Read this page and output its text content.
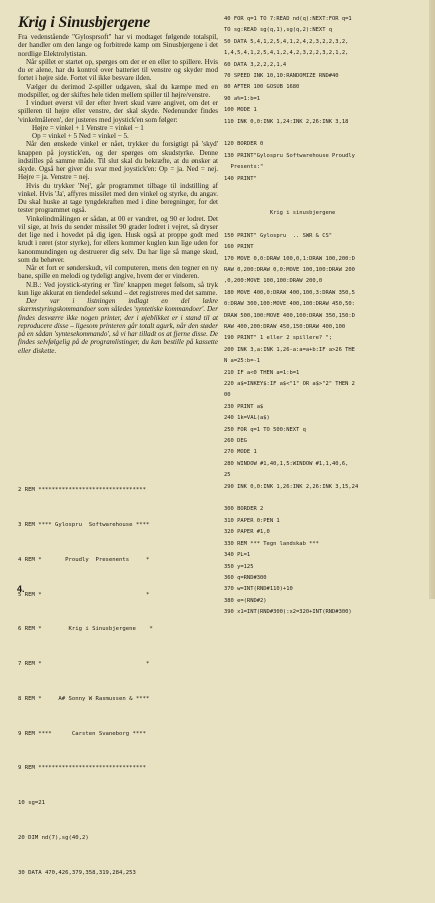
Krig i Sinusbjergene

Fra vedenstående "Gylosprsoft" har vi modtaget følgende totalspil, der handler om den lange og forbitrede kamp om Sinusbjergene i det nordlige Elektrolytistan.

Når spillet er startet op, spørges om der er en eller to spillere. Hvis du er alene, har du kontrol over batteriet til venstre og skyder mod fortet i højre side. Fortet vil ikke besvare ilden.

Vælger du derimod 2-spiller udgaven, skal du kæmpe med en modspiller, og der skiftes hele tiden mellem spiller til højre/venstre.

I vinduet øverst vil der efter hvert skud være angivet, om det er spilleren til højre eller venstre, der skal skyde. Nedenunder findes 'vinkelmåleren', der justeres med joystick'en som følger:

Højre = vinkel + 1 Venstre = vinkel − 1

Op = vinkel + 5 Ned = vinkel − 5.

Når den ønskede vinkel er nået, trykker du forsigtigt på 'skyd' knappen på joystick'en, og der spørges om skudstyrke. Denne indstilles på samme måde. Til slut skal du bekræfte, at du ønsker at skyde. Også her giver du svar med joystick'en: Op = ja. Ned = nej. Højre = ja. Venstre = nej.

Hvis du trykker 'Nej', går programmet tilbage til indstilling af vinkel. Hvis 'Ja', affyres missilet med den vinkel og styrke, du angav. Du skal huske at tage tyngdekraften med i dine beregninger, for det tester programmet også.

Vinkelindmålingen er sådan, at 00 er vandret, og 90 er lodret. Det vil sige, at hvis du sender missilet 90 grader lodret i vejret, så dryser det lige ned i hovedet på dig igen. Husk også at proppe godt med krudt i røret (stor styrke), for ellers kommer kuglen kun lige uden for kanonmundingen og destruerer dig selv. Du har lige så mange skud, som du behøver.

Når et fort er sønderskudt, vil computeren, mens den tegner en ny bane, spille en melodi og tydeligt angive, hvem der er vinderen.

N.B.: Ved joystick-styring er 'fire' knappen meget følsom, så tryk kun lige akkurat en tiendedel sekund – det registreres med det samme.

Der var i listningen indlagt en del lækre skærmstyringskommandoer som således 'syntetiske kommandoer'. Der findes desværre ikke nogen printer, der i øjeblikket er i stand til at reproducere disse – ligesom printeren går totalt agurk, når den støder på en sådan 'syntesekommando', så vi har tilladt os at fjerne disse. De findes selvfølgelig på de programlistinger, du kan bestille på kassette eller diskette.

2 REM ********************************

3 REM **** Gylospru  Softwarehouse ****

4 REM *       Proudly  Presenents     *

5 REM *                               *

6 REM *        Krig i Sinusbjergene    *

7 REM *                               *

8 REM *     A# Sonny W Rasmussen & ****

9 REM ****      Carsten Svaneborg ****

9 REM ********************************

10 sg=21

20 DIM nd(7),sg(40,2)

30 DATA 470,426,379,358,319,284,253

40 FOR q=1 TO 7:READ nd(q):NEXT:FOR q=1
TO sg:READ sg(q,1),sg(q,2):NEXT q
50 DATA 5,4,1,2,5,4,1,2,4,2,3,2,2,3,2,
1,4,5,4,1,2,5,4,1,2,4,2,3,2,2,3,2,1,2,
60 DATA 3,2,2,2,1,4
70 SPEED INK 10,10:RANDOMIZE RND#40
80 AFTER 100 GOSUB 1680
90 a%=1:b=1
100 MODE 1
110 INK 0,0:INK 1,24:INK 2,26:INK 3,18
120 BORDER 0
130 PRINT"Gylospru Softwarehouse Proudly
Presents:"
140 PRINT"
Krig i sinusbjergene
150 PRINT" Gylospru  .. SWR & CS"
160 PRINT
170 MOVE 0,0:DRAW 100,0,1:DRAW 100,200:D
RAW 0,200:DRAW 0,0:MOVE 100,100:DRAW 200
,0,200:MOVE 100,100:DRAW 200,0
180 MOVE 400,0:DRAW 400,100,3:DRAW 350,5
0:DRAW 300,100:MOVE 400,100:DRAW 450,50:
DRAW 500,100:MOVE 400,100:DRAW 350,150:D
RAW 400,200:DRAW 450,150:DRAW 400,100
190 PRINT" 1 eller 2 spillere? ";
200 INK 3,a:INK 1,26-a:a=a+b:IF a>26 THE
N a=25:b=-1
210 IF a<0 THEN a=1:b=1
220 a$=INKEY$:IF a$<"1" OR a$>"2" THEN 2
00
230 PRINT a$
240 1k=VAL(a$)
250 FOR q=1 TO 500:NEXT q
260 DEG
270 MODE 1
280 WINDOW #1,40,1,5:WINDOW #1,1,40,6,
25
290 INK 0,0:INK 1,26:INK 2,26:INK 3,15,24
300 BORDER 2
310 PAPER 0:PEN 1
320 PAPER #1,0
330 REM *** Tegn landskab ***
340 PL=1
350 y=125
360 q=RND#300
370 w=INT(RND#110)+10
380 e=(RND#2)
390 x1=INT(RND#300):x2=320+INT(RND#300)
4.
